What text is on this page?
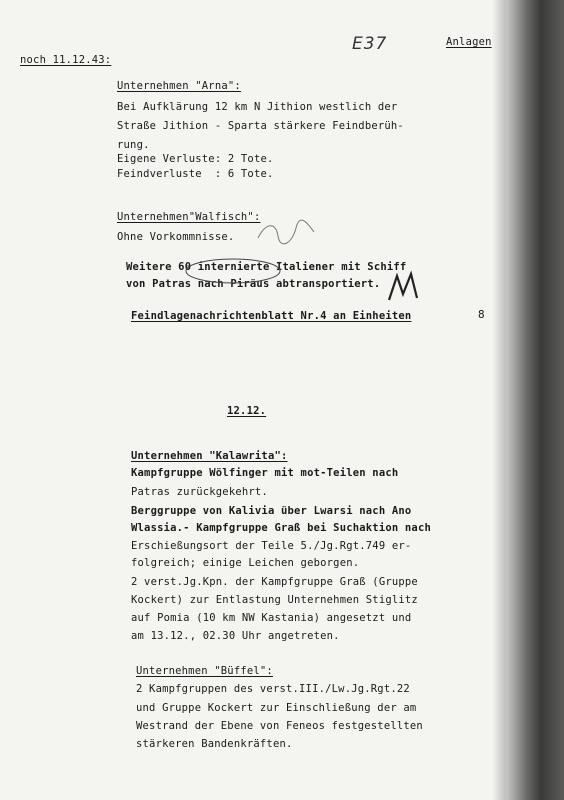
noch 11.12.43:
E37	Anlagen
Unternehmen "Arna":
Bei Aufklärung 12 km N Jithion westlich der
Straße Jithion - Sparta stärkere Feindberüh-
rung.
Eigene Verluste: 2 Tote.
Feindverluste  : 6 Tote.
Unternehmen"Walfisch":
Ohne Vorkommnisse.
Weitere 60 internierte Italiener mit Schiff
von Patras nach Piräus abtransportiert.
Feindlagenachrichtenblatt Nr.4 an Einheiten	8
12.12.
Unternehmen "Kalawrita":
Kampfgruppe Wölfinger mit mot-Teilen nach
Patras zurückgekehrt.
Berggruppe von Kalivia über Lwarsi nach Ano
Wlassia.- Kampfgruppe Graß bei Suchaktion nach
Erschießungsort der Teile 5./Jg.Rgt.749 er-
folgreich; einige Leichen geborgen.
2 verst.Jg.Kpn. der Kampfgruppe Graß (Gruppe
Kockert) zur Entlastung Unternehmen Stiglitz
auf Pomia (10 km NW Kastania) angesetzt und
am 13.12., 02.30 Uhr angetreten.
Unternehmen "Büffel":
2 Kampfgruppen des verst.III./Lw.Jg.Rgt.22
und Gruppe Kockert zur Einschließung der am
Westrand der Ebene von Feneos festgestellten
stärkeren Bandenkräften.
